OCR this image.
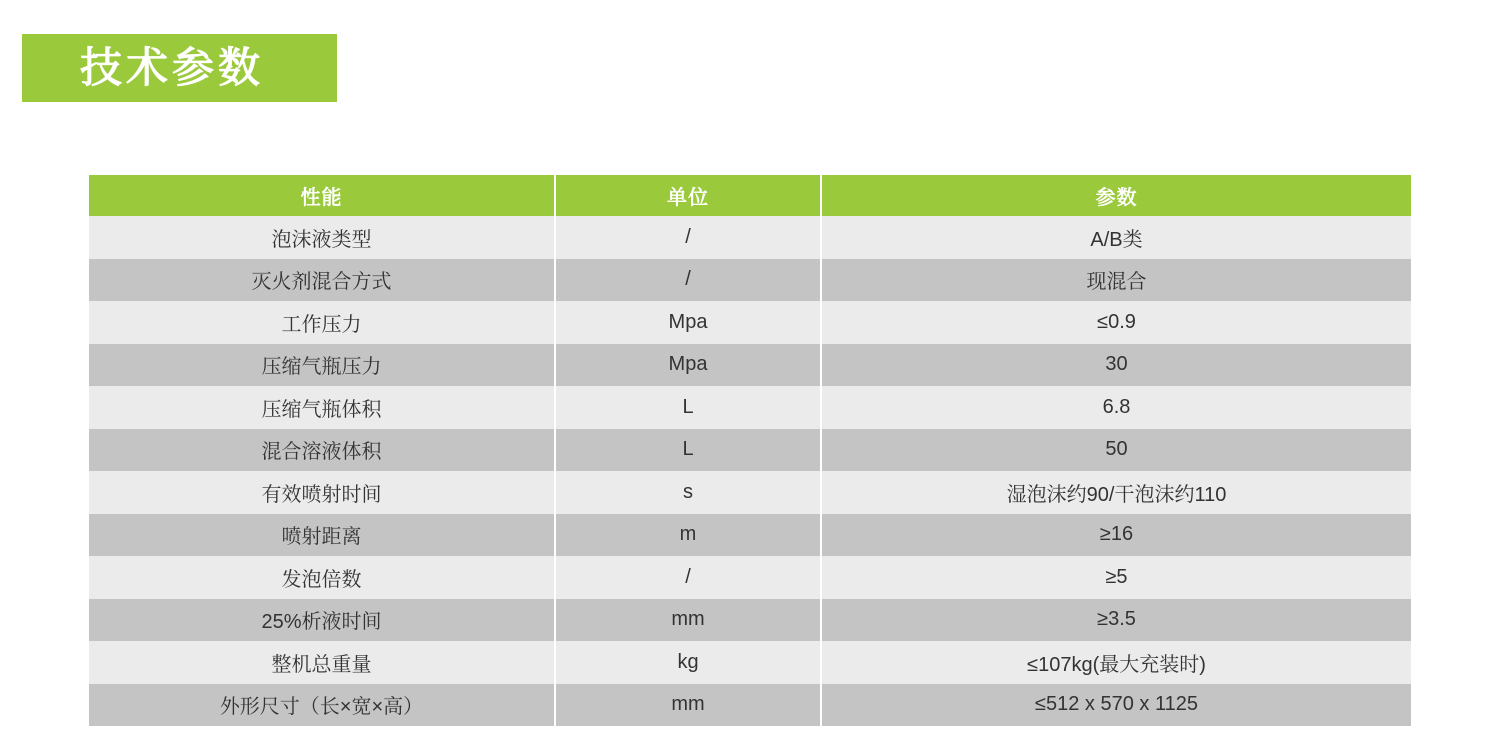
技术参数
性能	单位	参数
泡沫液类型	/	A/B类
灭火剂混合方式	/	现混合
工作压力	Mpa	≤0.9
压缩气瓶压力	Mpa	30
压缩气瓶体积	L	6.8
混合溶液体积	L	50
有效喷射时间	s	湿泡沫约90/干泡沫约110
喷射距离	m	≥16
发泡倍数	/	≥5
25%析液时间	mm	≥3.5
整机总重量	kg	≤107kg(最大充装时)
外形尺寸（长×宽×高）	mm	≤512 x 570 x 1125
